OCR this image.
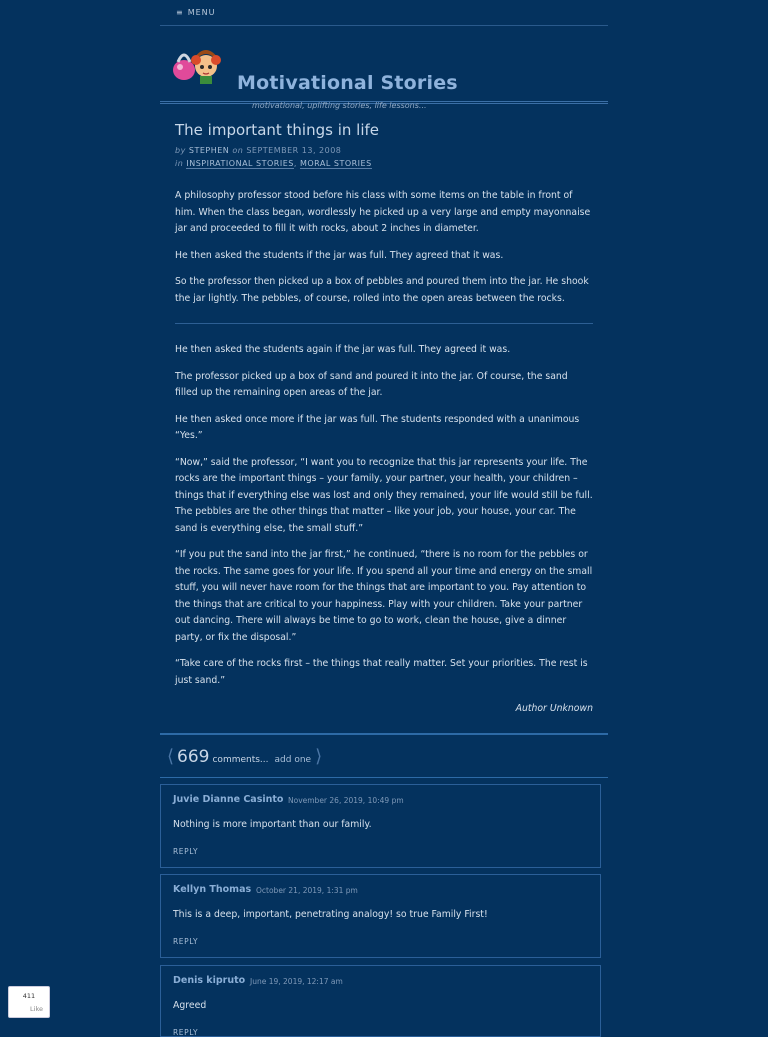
≡ MENU
Motivational Stories
motivational, uplifting stories, life lessons...
The important things in life
by STEPHEN on SEPTEMBER 13, 2008
in INSPIRATIONAL STORIES, MORAL STORIES

A philosophy professor stood before his class with some items on the table in front of him. When the class began, wordlessly he picked up a very large and empty mayonnaise jar and proceeded to fill it with rocks, about 2 inches in diameter.

He then asked the students if the jar was full. They agreed that it was.

So the professor then picked up a box of pebbles and poured them into the jar. He shook the jar lightly. The pebbles, of course, rolled into the open areas between the rocks.

He then asked the students again if the jar was full. They agreed it was.

The professor picked up a box of sand and poured it into the jar. Of course, the sand filled up the remaining open areas of the jar.

He then asked once more if the jar was full. The students responded with a unanimous “Yes.”

“Now,” said the professor, “I want you to recognize that this jar represents your life. The rocks are the important things – your family, your partner, your health, your children – things that if everything else was lost and only they remained, your life would still be full. The pebbles are the other things that matter – like your job, your house, your car. The sand is everything else, the small stuff.”

“If you put the sand into the jar first,” he continued, “there is no room for the pebbles or the rocks. The same goes for your life. If you spend all your time and energy on the small stuff, you will never have room for the things that are important to you. Pay attention to the things that are critical to your happiness. Play with your children. Take your partner out dancing. There will always be time to go to work, clean the house, give a dinner party, or fix the disposal.”

“Take care of the rocks first – the things that really matter. Set your priorities. The rest is just sand.”

Author Unknown
⟨ 669 comments... add one ⟩
Juvie Dianne Casinto November 26, 2019, 10:49 pm
Nothing is more important than our family.
REPLY
Kellyn Thomas October 21, 2019, 1:31 pm
This is a deep, important, penetrating analogy! so true Family First!
REPLY
Denis kipruto June 19, 2019, 12:17 am
Agreed
REPLY
411
Like
